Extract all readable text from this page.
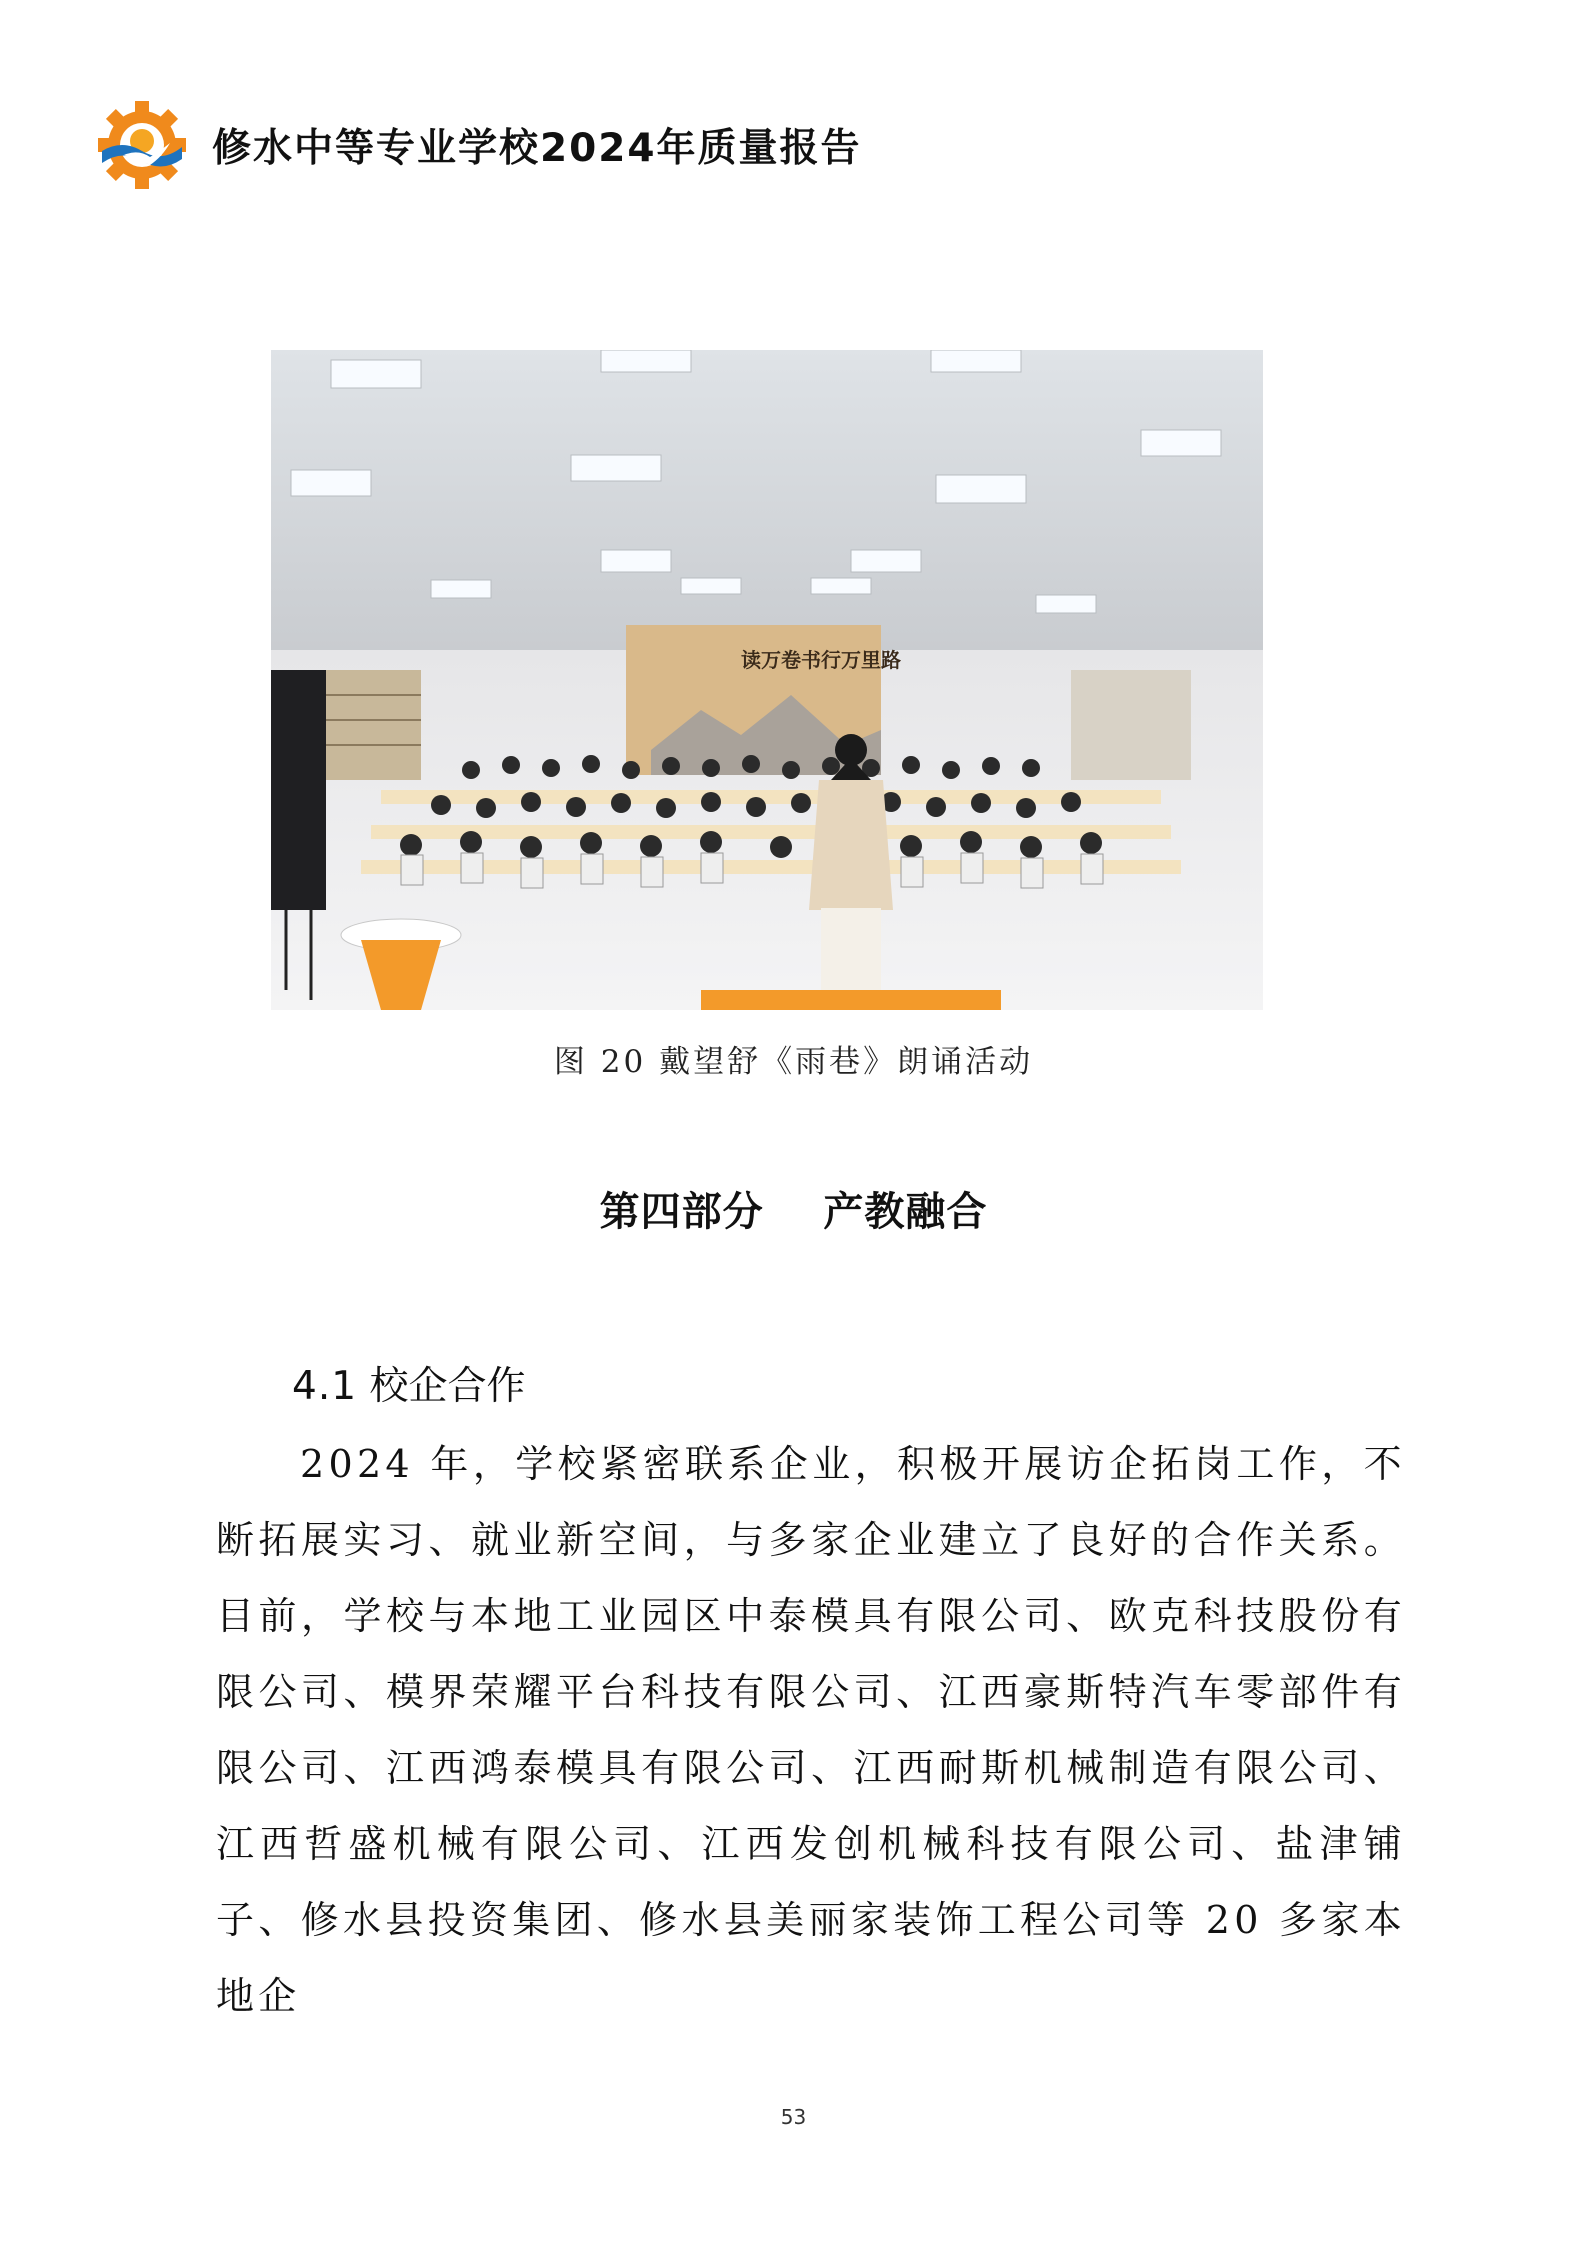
修水中等专业学校2024年质量报告
读万卷书行万里路
图 20 戴望舒《雨巷》朗诵活动
第四部分    产教融合
4.1 校企合作
2024 年，学校紧密联系企业，积极开展访企拓岗工作，不断拓展实习、就业新空间，与多家企业建立了良好的合作关系。目前，学校与本地工业园区中泰模具有限公司、欧克科技股份有限公司、模界荣耀平台科技有限公司、江西豪斯特汽车零部件有限公司、江西鸿泰模具有限公司、江西耐斯机械制造有限公司、江西哲盛机械有限公司、江西发创机械科技有限公司、盐津铺子、修水县投资集团、修水县美丽家装饰工程公司等 20 多家本地企
53
